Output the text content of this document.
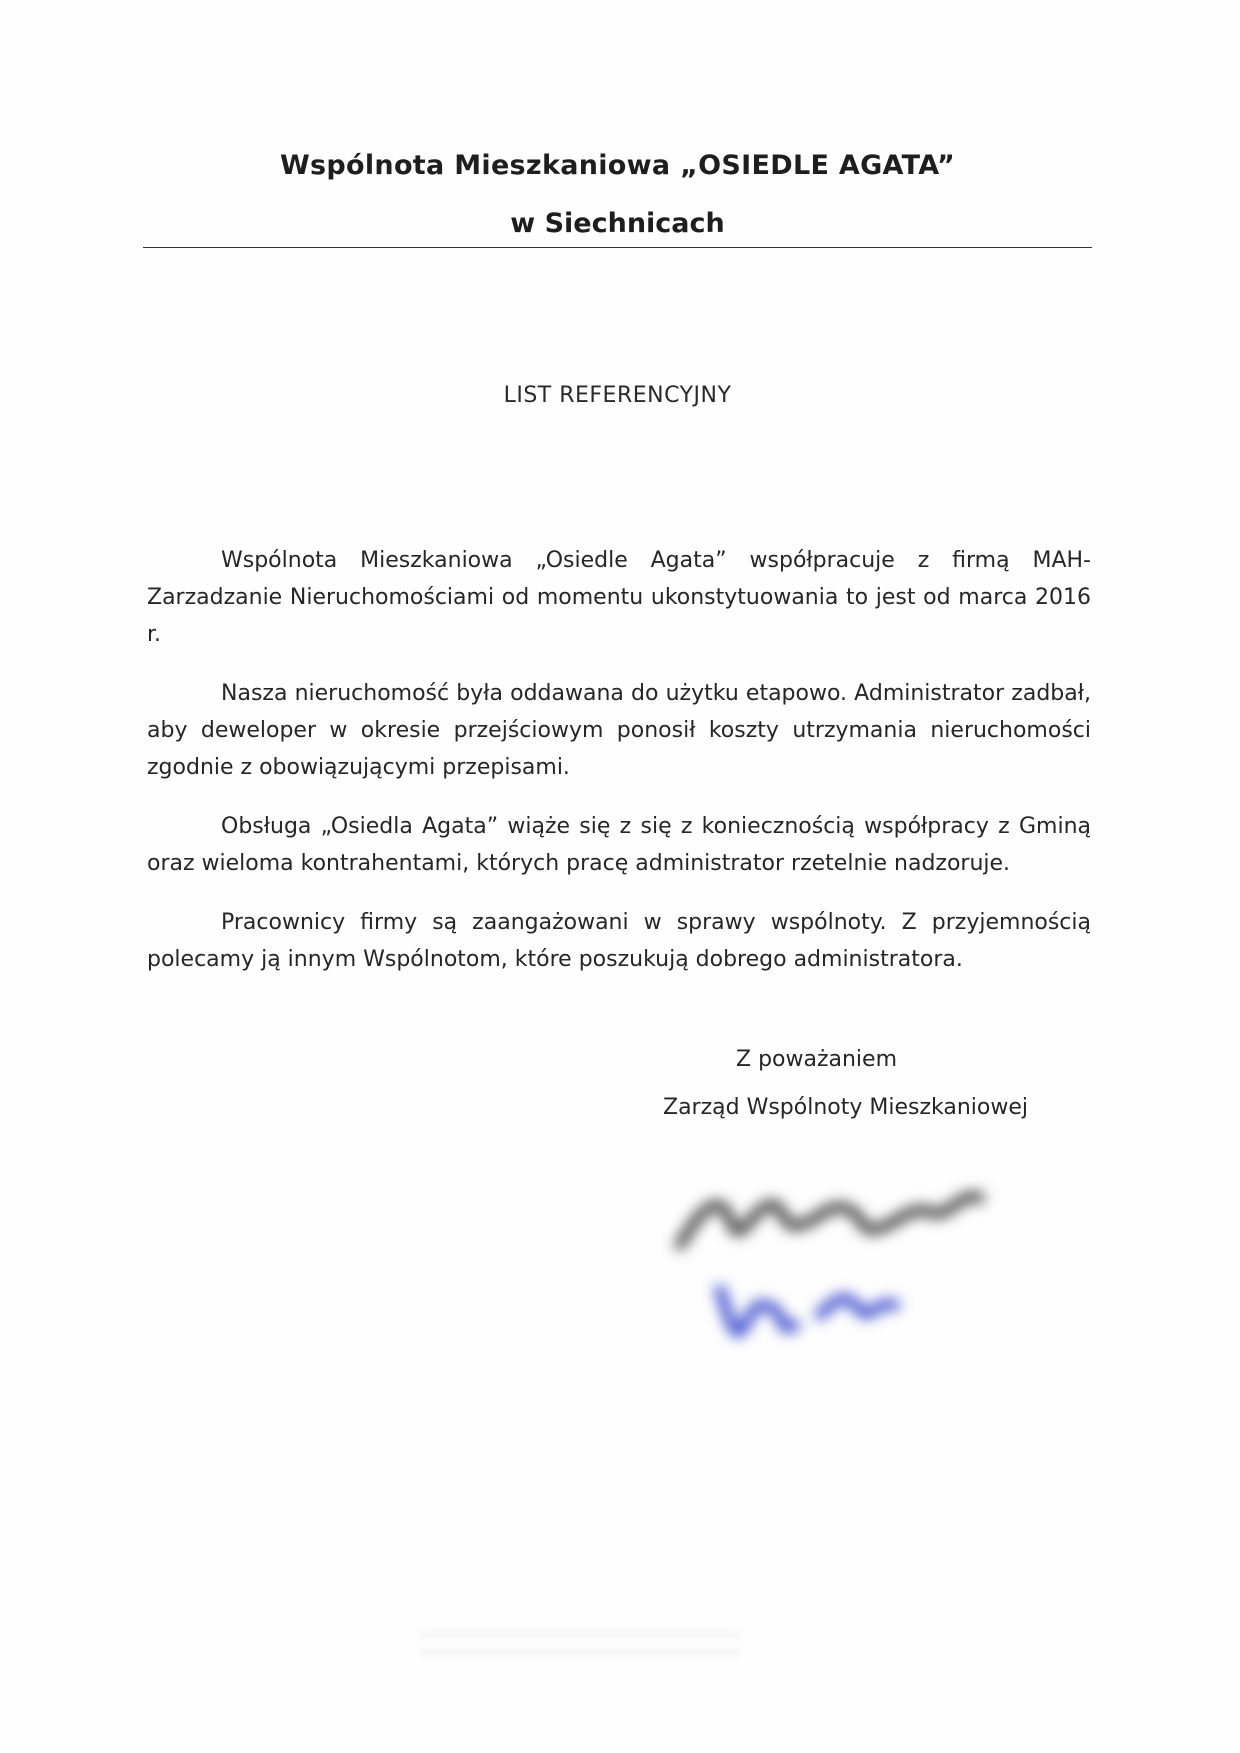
Wspólnota Mieszkaniowa „OSIEDLE AGATA”
w Siechnicach
LIST REFERENCYJNY

Wspólnota Mieszkaniowa „Osiedle Agata” współpracuje z firmą MAH- Zarzadzanie Nieruchomościami od momentu ukonstytuowania to jest od marca 2016 r.

Nasza nieruchomość była oddawana do użytku etapowo. Administrator zadbał, aby deweloper w okresie przejściowym ponosił koszty utrzymania nieruchomości zgodnie z obowiązującymi przepisami.

Obsługa „Osiedla Agata” wiąże się z się z koniecznością współpracy z Gminą oraz wieloma kontrahentami, których pracę administrator rzetelnie nadzoruje.

Pracownicy firmy są zaangażowani w sprawy wspólnoty. Z przyjemnością polecamy ją innym Wspólnotom, które poszukują dobrego administratora.

Z poważaniem
Zarząd Wspólnoty Mieszkaniowej
